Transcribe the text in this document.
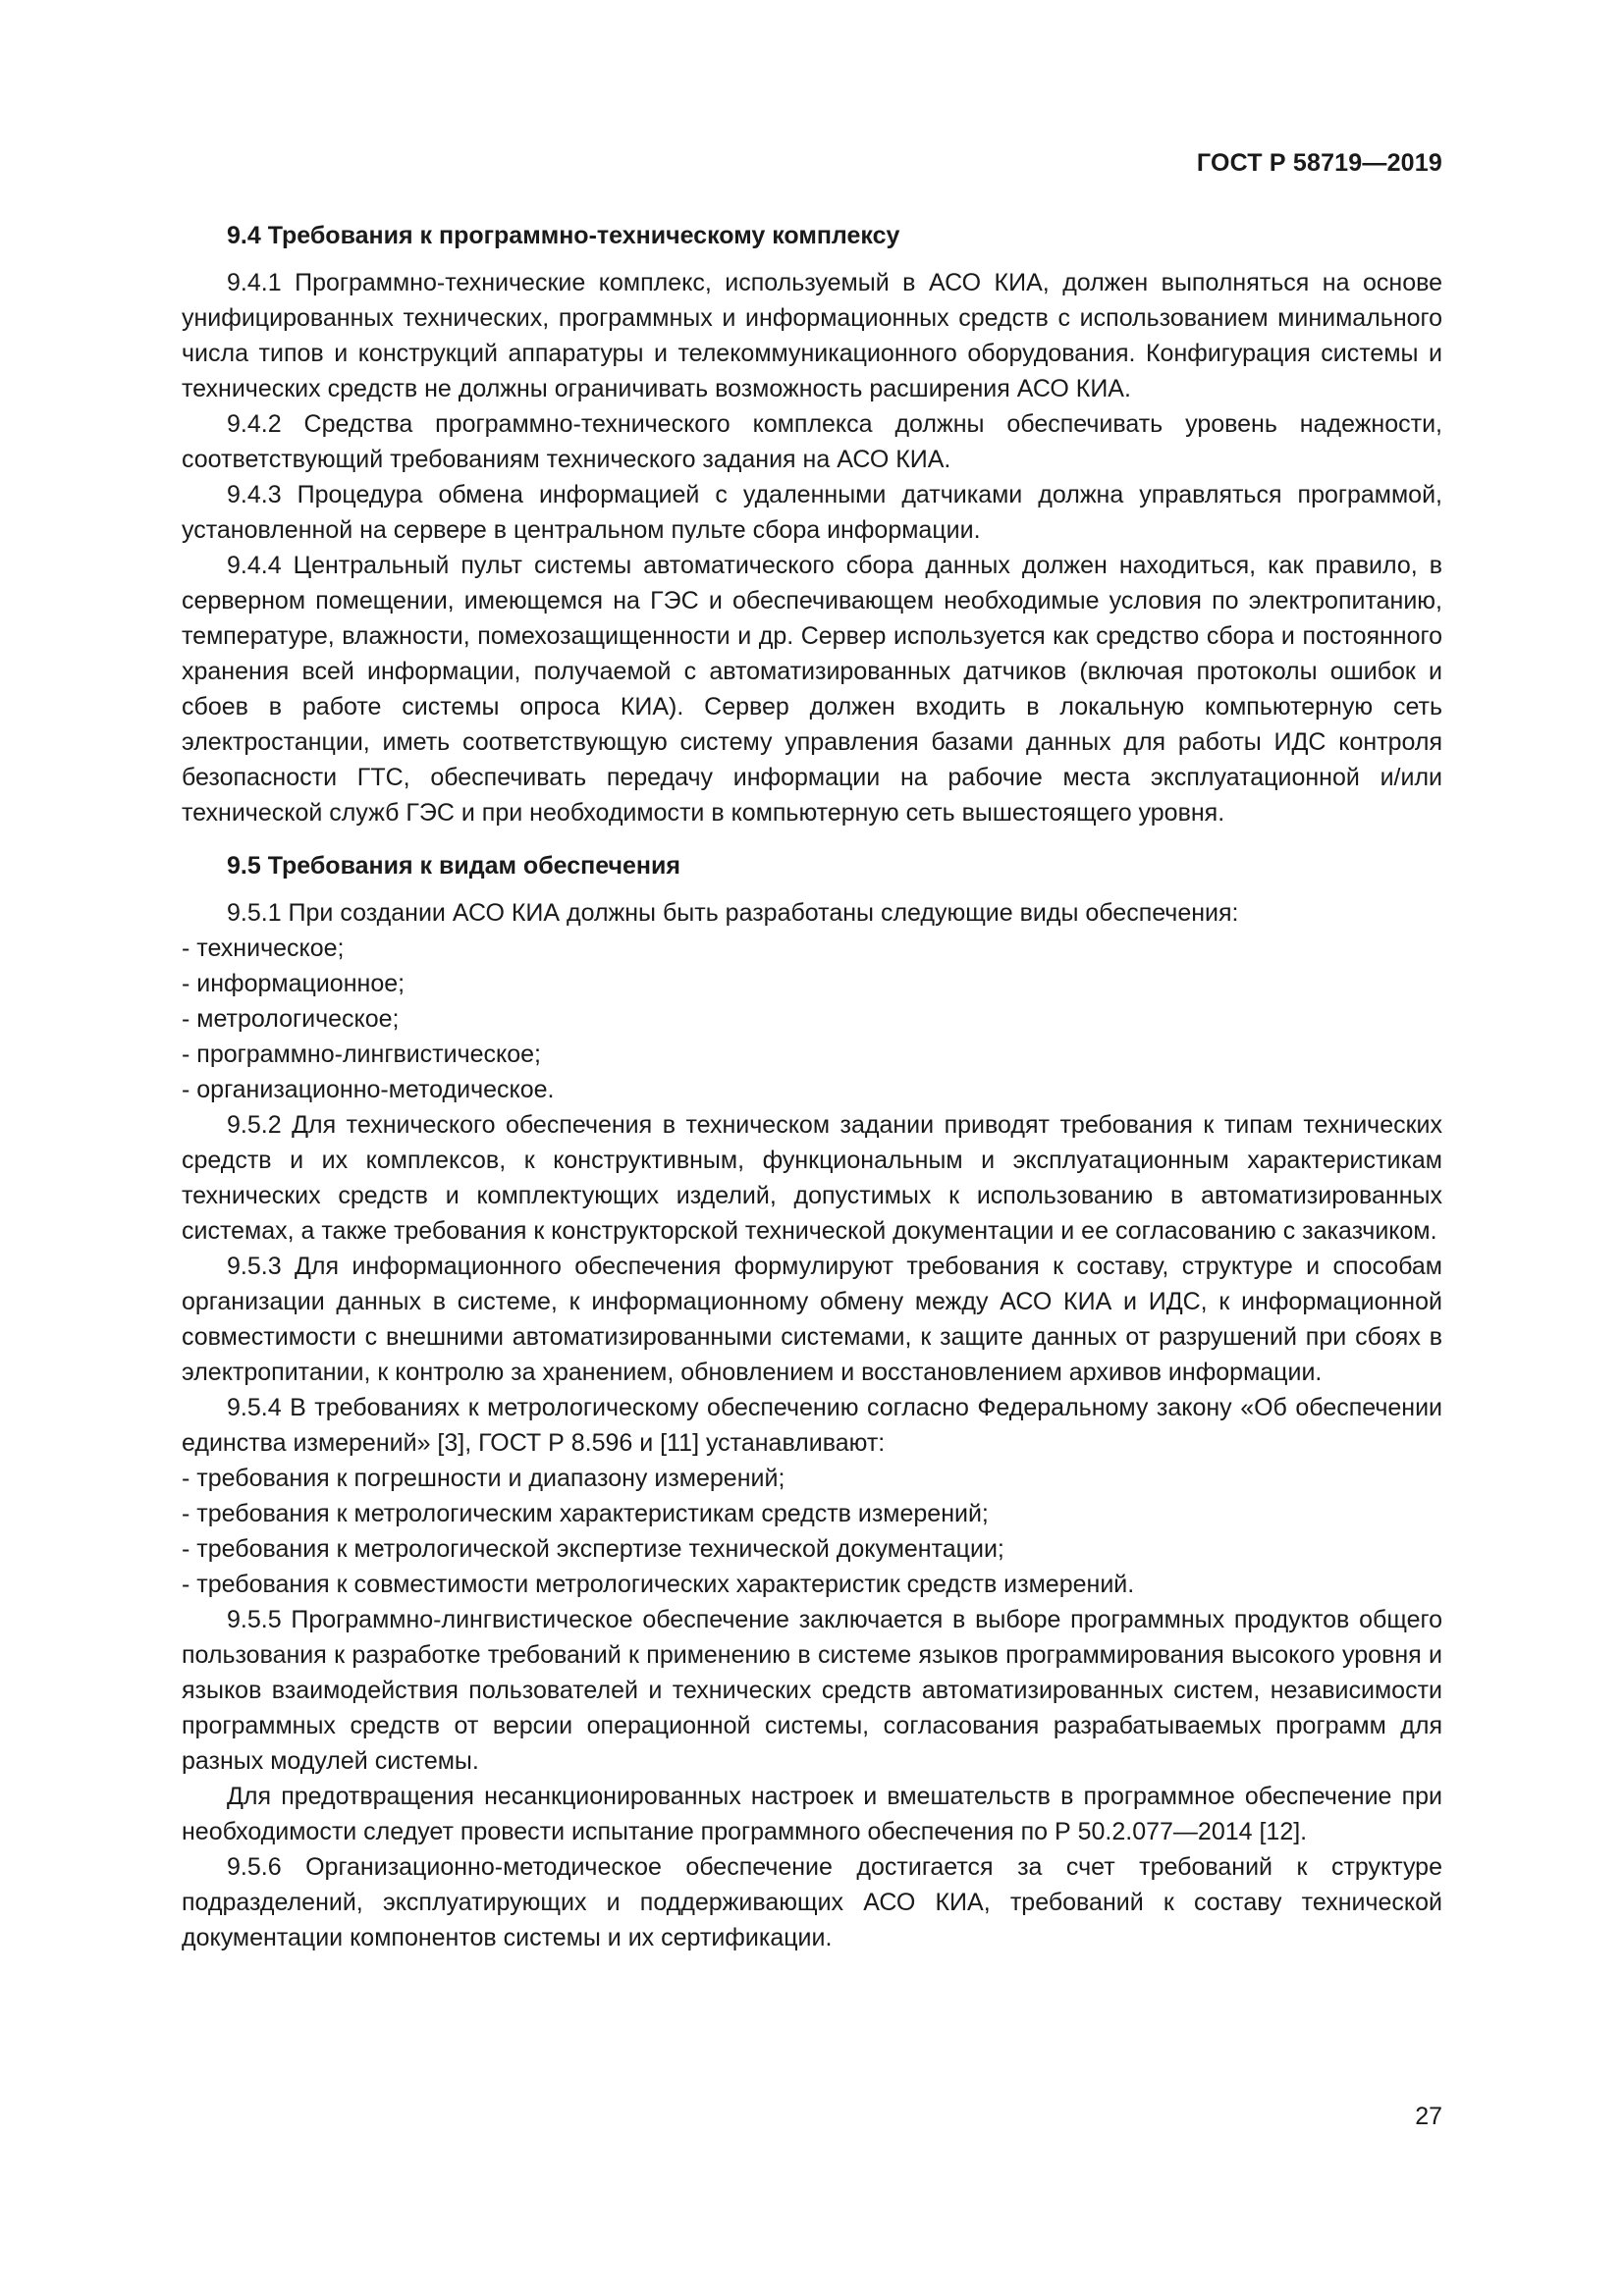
ГОСТ Р 58719—2019
9.4 Требования к программно-техническому комплексу

9.4.1 Программно-технические комплекс, используемый в АСО КИА, должен выполняться на основе унифицированных технических, программных и информационных средств с использованием минимального числа типов и конструкций аппаратуры и телекоммуникационного оборудования. Конфигурация системы и технических средств не должны ограничивать возможность расширения АСО КИА.

9.4.2 Средства программно-технического комплекса должны обеспечивать уровень надежности, соответствующий требованиям технического задания на АСО КИА.

9.4.3 Процедура обмена информацией с удаленными датчиками должна управляться программой, установленной на сервере в центральном пульте сбора информации.

9.4.4 Центральный пульт системы автоматического сбора данных должен находиться, как правило, в серверном помещении, имеющемся на ГЭС и обеспечивающем необходимые условия по электропитанию, температуре, влажности, помехозащищенности и др. Сервер используется как средство сбора и постоянного хранения всей информации, получаемой с автоматизированных датчиков (включая протоколы ошибок и сбоев в работе системы опроса КИА). Сервер должен входить в локальную компьютерную сеть электростанции, иметь соответствующую систему управления базами данных для работы ИДС контроля безопасности ГТС, обеспечивать передачу информации на рабочие места эксплуатационной и/или технической служб ГЭС и при необходимости в компьютерную сеть вышестоящего уровня.

9.5 Требования к видам обеспечения

9.5.1 При создании АСО КИА должны быть разработаны следующие виды обеспечения:

- техническое;
- информационное;
- метрологическое;
- программно-лингвистическое;
- организационно-методическое.

9.5.2 Для технического обеспечения в техническом задании приводят требования к типам технических средств и их комплексов, к конструктивным, функциональным и эксплуатационным характеристикам технических средств и комплектующих изделий, допустимых к использованию в автоматизированных системах, а также требования к конструкторской технической документации и ее согласованию с заказчиком.

9.5.3 Для информационного обеспечения формулируют требования к составу, структуре и способам организации данных в системе, к информационному обмену между АСО КИА и ИДС, к информационной совместимости с внешними автоматизированными системами, к защите данных от разрушений при сбоях в электропитании, к контролю за хранением, обновлением и восстановлением архивов информации.

9.5.4 В требованиях к метрологическому обеспечению согласно Федеральному закону «Об обеспечении единства измерений» [3], ГОСТ Р 8.596 и [11] устанавливают:

- требования к погрешности и диапазону измерений;
- требования к метрологическим характеристикам средств измерений;
- требования к метрологической экспертизе технической документации;
- требования к совместимости метрологических характеристик средств измерений.

9.5.5 Программно-лингвистическое обеспечение заключается в выборе программных продуктов общего пользования к разработке требований к применению в системе языков программирования высокого уровня и языков взаимодействия пользователей и технических средств автоматизированных систем, независимости программных средств от версии операционной системы, согласования разрабатываемых программ для разных модулей системы.

Для предотвращения несанкционированных настроек и вмешательств в программное обеспечение при необходимости следует провести испытание программного обеспечения по Р 50.2.077—2014 [12].

9.5.6 Организационно-методическое обеспечение достигается за счет требований к структуре подразделений, эксплуатирующих и поддерживающих АСО КИА, требований к составу технической документации компонентов системы и их сертификации.

27
